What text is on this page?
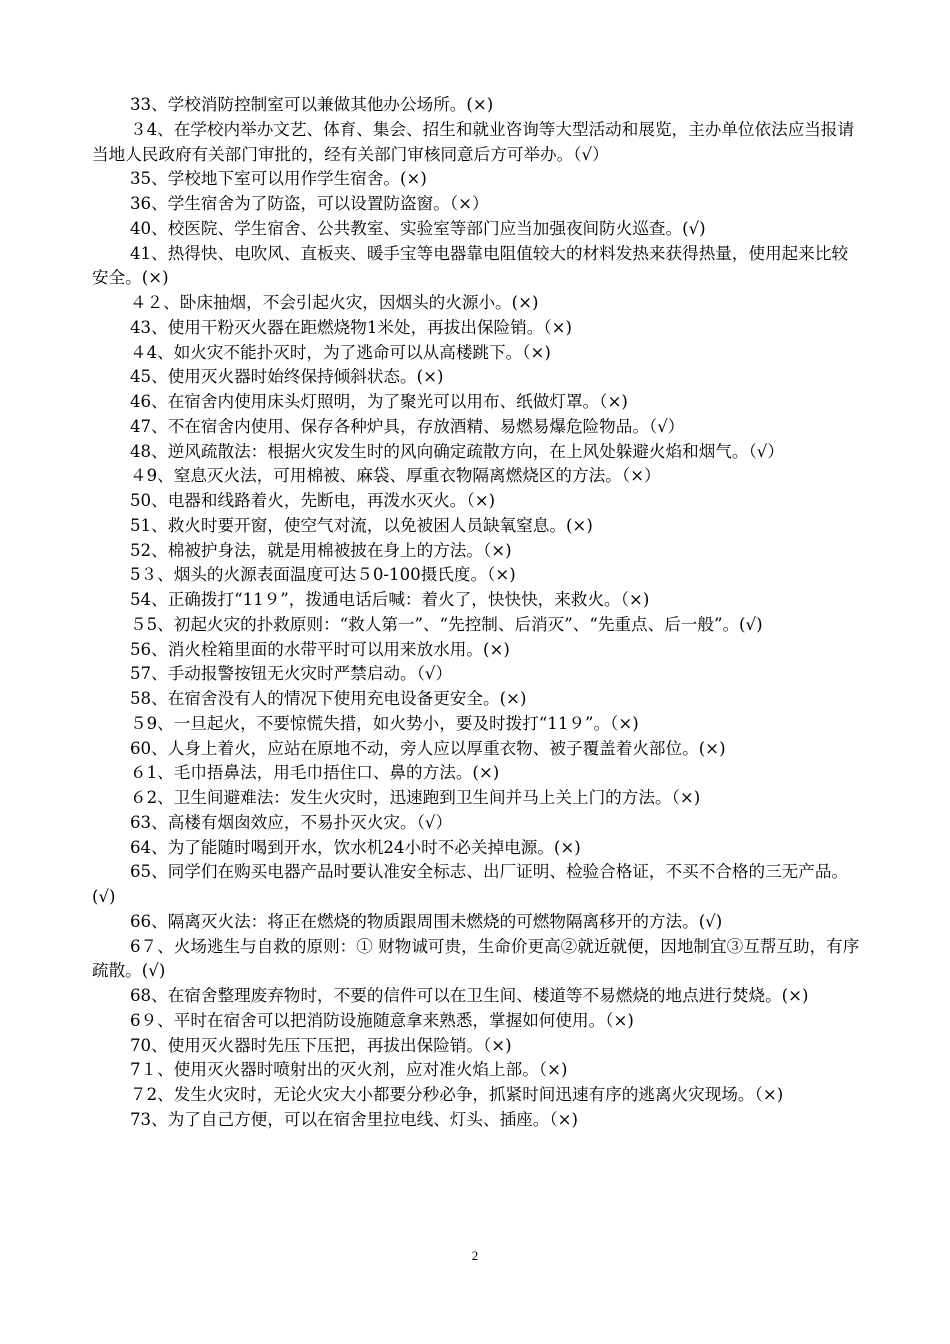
33、学校消防控制室可以兼做其他办公场所。(×)

３4、在学校内举办文艺、体育、集会、招生和就业咨询等大型活动和展览，主办单位依法应当报请当地人民政府有关部门审批的，经有关部门审核同意后方可举办。（√）

35、学校地下室可以用作学生宿舍。(×)

36、学生宿舍为了防盗，可以设置防盗窗。（×）

40、校医院、学生宿舍、公共教室、实验室等部门应当加强夜间防火巡查。(√)

41、热得快、电吹风、直板夹、暖手宝等电器靠电阻值较大的材料发热来获得热量，使用起来比较安全。(×)

４２、卧床抽烟，不会引起火灾，因烟头的火源小。(×)

43、使用干粉灭火器在距燃烧物1米处，再拔出保险销。（×)

４4、如火灾不能扑灭时，为了逃命可以从高楼跳下。（×)

45、使用灭火器时始终保持倾斜状态。(×)

46、在宿舍内使用床头灯照明，为了聚光可以用布、纸做灯罩。（×)

47、不在宿舍内使用、保存各种炉具，存放酒精、易燃易爆危险物品。（√）

48、逆风疏散法：根据火灾发生时的风向确定疏散方向，在上风处躲避火焰和烟气。（√）

４9、窒息灭火法，可用棉被、麻袋、厚重衣物隔离燃烧区的方法。（×）

50、电器和线路着火，先断电，再泼水灭火。（×)

51、救火时要开窗，使空气对流，以免被困人员缺氧窒息。(×)

52、棉被护身法，就是用棉被披在身上的方法。（×)

5３、烟头的火源表面温度可达５0-100摄氏度。（×)

54、正确拨打“11９”，拨通电话后喊：着火了，快快快，来救火。（×)

５5、初起火灾的扑救原则：“救人第一”、“先控制、后消灭”、“先重点、后一般”。(√)

56、消火栓箱里面的水带平时可以用来放水用。(×)

57、手动报警按钮无火灾时严禁启动。（√）

58、在宿舍没有人的情况下使用充电设备更安全。(×)

５9、一旦起火，不要惊慌失措，如火势小，要及时拨打“11９”。（×)

60、人身上着火，应站在原地不动，旁人应以厚重衣物、被子覆盖着火部位。(×)

６1、毛巾捂鼻法，用毛巾捂住口、鼻的方法。(×)

６2、卫生间避难法：发生火灾时，迅速跑到卫生间并马上关上门的方法。（×)

63、高楼有烟囱效应，不易扑灭火灾。（√）

64、为了能随时喝到开水，饮水机24小时不必关掉电源。(×)

65、同学们在购买电器产品时要认准安全标志、出厂证明、检验合格证，不买不合格的三无产品。(√)

66、隔离灭火法：将正在燃烧的物质跟周围未燃烧的可燃物隔离移开的方法。(√)

6７、火场逃生与自救的原则：① 财物诚可贵，生命价更高②就近就便，因地制宜③互帮互助，有序疏散。(√)

68、在宿舍整理废弃物时，不要的信件可以在卫生间、楼道等不易燃烧的地点进行焚烧。(×)

6９、平时在宿舍可以把消防设施随意拿来熟悉，掌握如何使用。（×)

70、使用灭火器时先压下压把，再拔出保险销。（×)

7１、使用灭火器时喷射出的灭火剂，应对准火焰上部。（×)

７2、发生火灾时，无论火灾大小都要分秒必争，抓紧时间迅速有序的逃离火灾现场。（×)

73、为了自己方便，可以在宿舍里拉电线、灯头、插座。（×)

2
